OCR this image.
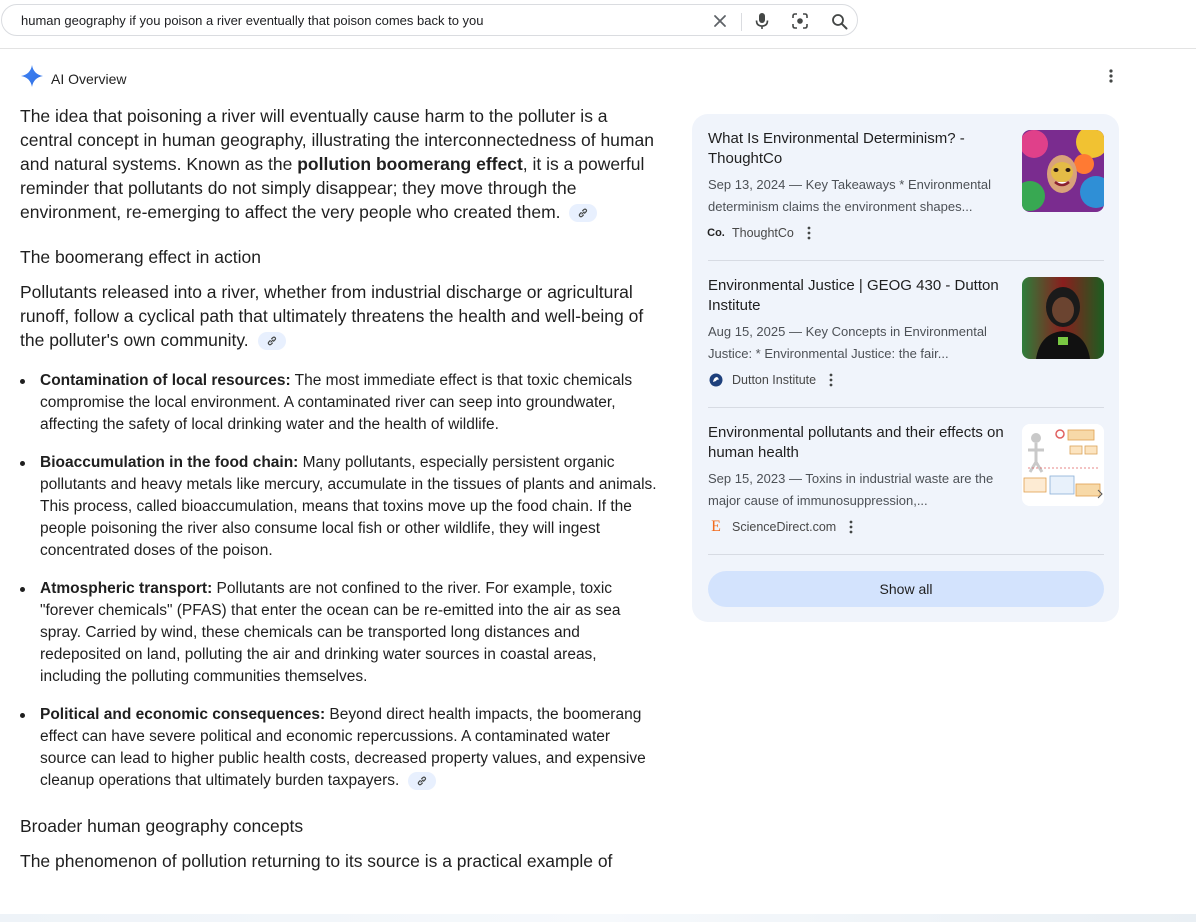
human geography if you poison a river eventually that poison comes back to you
AI Overview

The idea that poisoning a river will eventually cause harm to the polluter is a central concept in human geography, illustrating the interconnectedness of human and natural systems. Known as the pollution boomerang effect, it is a powerful reminder that pollutants do not simply disappear; they move through the environment, re-emerging to affect the very people who created them.

The boomerang effect in action

Pollutants released into a river, whether from industrial discharge or agricultural runoff, follow a cyclical path that ultimately threatens the health and well-being of the polluter's own community.

Contamination of local resources: The most immediate effect is that toxic chemicals compromise the local environment. A contaminated river can seep into groundwater, affecting the safety of local drinking water and the health of wildlife.
Bioaccumulation in the food chain: Many pollutants, especially persistent organic pollutants and heavy metals like mercury, accumulate in the tissues of plants and animals. This process, called bioaccumulation, means that toxins move up the food chain. If the people poisoning the river also consume local fish or other wildlife, they will ingest concentrated doses of the poison.
Atmospheric transport: Pollutants are not confined to the river. For example, toxic "forever chemicals" (PFAS) that enter the ocean can be re-emitted into the air as sea spray. Carried by wind, these chemicals can be transported long distances and redeposited on land, polluting the air and drinking water sources in coastal areas, including the polluting communities themselves.
Political and economic consequences: Beyond direct health impacts, the boomerang effect can have severe political and economic repercussions. A contaminated water source can lead to higher public health costs, decreased property values, and expensive cleanup operations that ultimately burden taxpayers.
Broader human geography concepts

The phenomenon of pollution returning to its source is a practical example of

What Is Environmental Determinism? - ThoughtCo
Sep 13, 2024 — Key Takeaways * Environmental determinism claims the environment shapes...
Co. ThoughtCo
Environmental Justice | GEOG 430 - Dutton Institute
Aug 15, 2025 — Key Concepts in Environmental Justice: * Environmental Justice: the fair...
Dutton Institute
Environmental pollutants and their effects on human health
Sep 15, 2023 — Toxins in industrial waste are the major cause of immunosuppression,...
E ScienceDirect.com
Show all
